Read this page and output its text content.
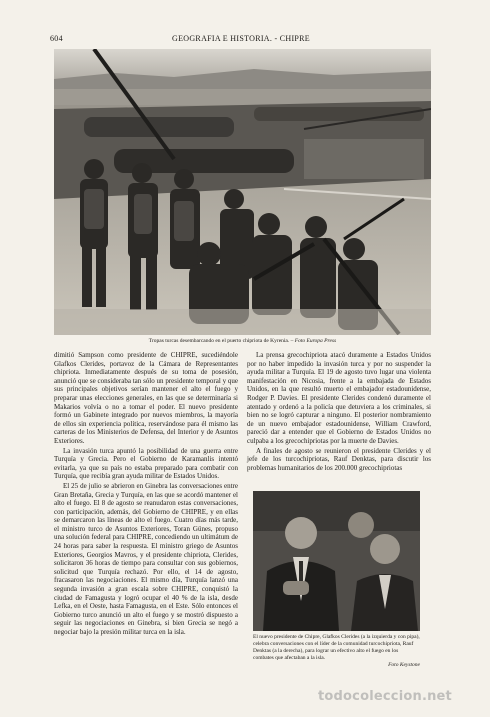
604	GEOGRAFIA E HISTORIA. - CHIPRE
Tropas turcas desembarcando en el puerto chipriota de Kyrenia. – Foto Europa Press

dimitió Sampson como presidente de CHIPRE, sucediéndole Glafkos Clerides, portavoz de la Cámara de Representantes chipriota. Inmediatamente después de su toma de posesión, anunció que se consideraba tan sólo un presidente temporal y que sus principales objetivos serían mantener el alto el fuego y preparar unas elecciones generales, en las que se determinaría si Makarios volvía o no a tomar el poder. El nuevo presidente formó un Gabinete integrado por nuevos miembros, la mayoría de ellos sin experiencia política, reservándose para él mismo las carteras de los Ministerios de Defensa, del Interior y de Asuntos Exteriores.

La invasión turca apuntó la posibilidad de una guerra entre Turquía y Grecia. Pero el Gobierno de Karamanlis intentó evitarla, ya que su país no estaba preparado para combatir con Turquía, que recibía gran ayuda militar de Estados Unidos.

El 25 de julio se abrieron en Ginebra las conversaciones entre Gran Bretaña, Grecia y Turquía, en las que se acordó mantener el alto el fuego. El 8 de agosto se reanudaron estas conversaciones, con participación, además, del Gobierno de CHIPRE, y en ellas se demarcaron las líneas de alto el fuego. Cuatro días más tarde, el ministro turco de Asuntos Exteriores, Toran Günes, propuso una solución federal para CHIPRE, concediendo un ultimátum de 24 horas para saber la respuesta. El ministro griego de Asuntos Exteriores, Georgios Mavros, y el presidente chipriota, Clerides, solicitaron 36 horas de tiempo para consultar con sus gobiernos, solicitud que Turquía rechazó. Por ello, el 14 de agosto, fracasaron las negociaciones. El mismo día, Turquía lanzó una segunda invasión a gran escala sobre CHIPRE, conquistó la ciudad de Famagusta y logró ocupar el 40 % de la isla, desde Lefka, en el Oeste, hasta Famagusta, en el Este. Sólo entonces el Gobierno turco anunció un alto el fuego y se mostró dispuesto a seguir las negociaciones en Ginebra, si bien Grecia se negó a negociar bajo la presión militar turca en la isla.

La prensa grecochipriota atacó duramente a Estados Unidos por no haber impedido la invasión turca y por no suspender la ayuda militar a Turquía. El 19 de agosto tuvo lugar una violenta manifestación en Nicosia, frente a la embajada de Estados Unidos, en la que resultó muerto el embajador estadounidense, Rodger P. Davies. El presidente Clerides condenó duramente el atentado y ordenó a la policía que detuviera a los criminales, si bien no se logró capturar a ninguno. El posterior nombramiento de un nuevo embajador estadounidense, William Crawford, pareció dar a entender que el Gobierno de Estados Unidos no culpaba a los grecochipriotas por la muerte de Davies.

A finales de agosto se reunieron el presidente Clerides y el jefe de los turcochipriotas, Rauf Denktas, para discutir los problemas humanitarios de los 200.000 grecochipriotas

El nuevo presidente de Chipre, Glafkos Clerides (a la izquierda y con pipa), celebra conversaciones con el líder de la comunidad turcochipriota, Rauf Denktas (a la derecha), para lograr un efectivo alto el fuego en los combates que afectaban a la isla.
Foto Keystone
todocoleccion.net
